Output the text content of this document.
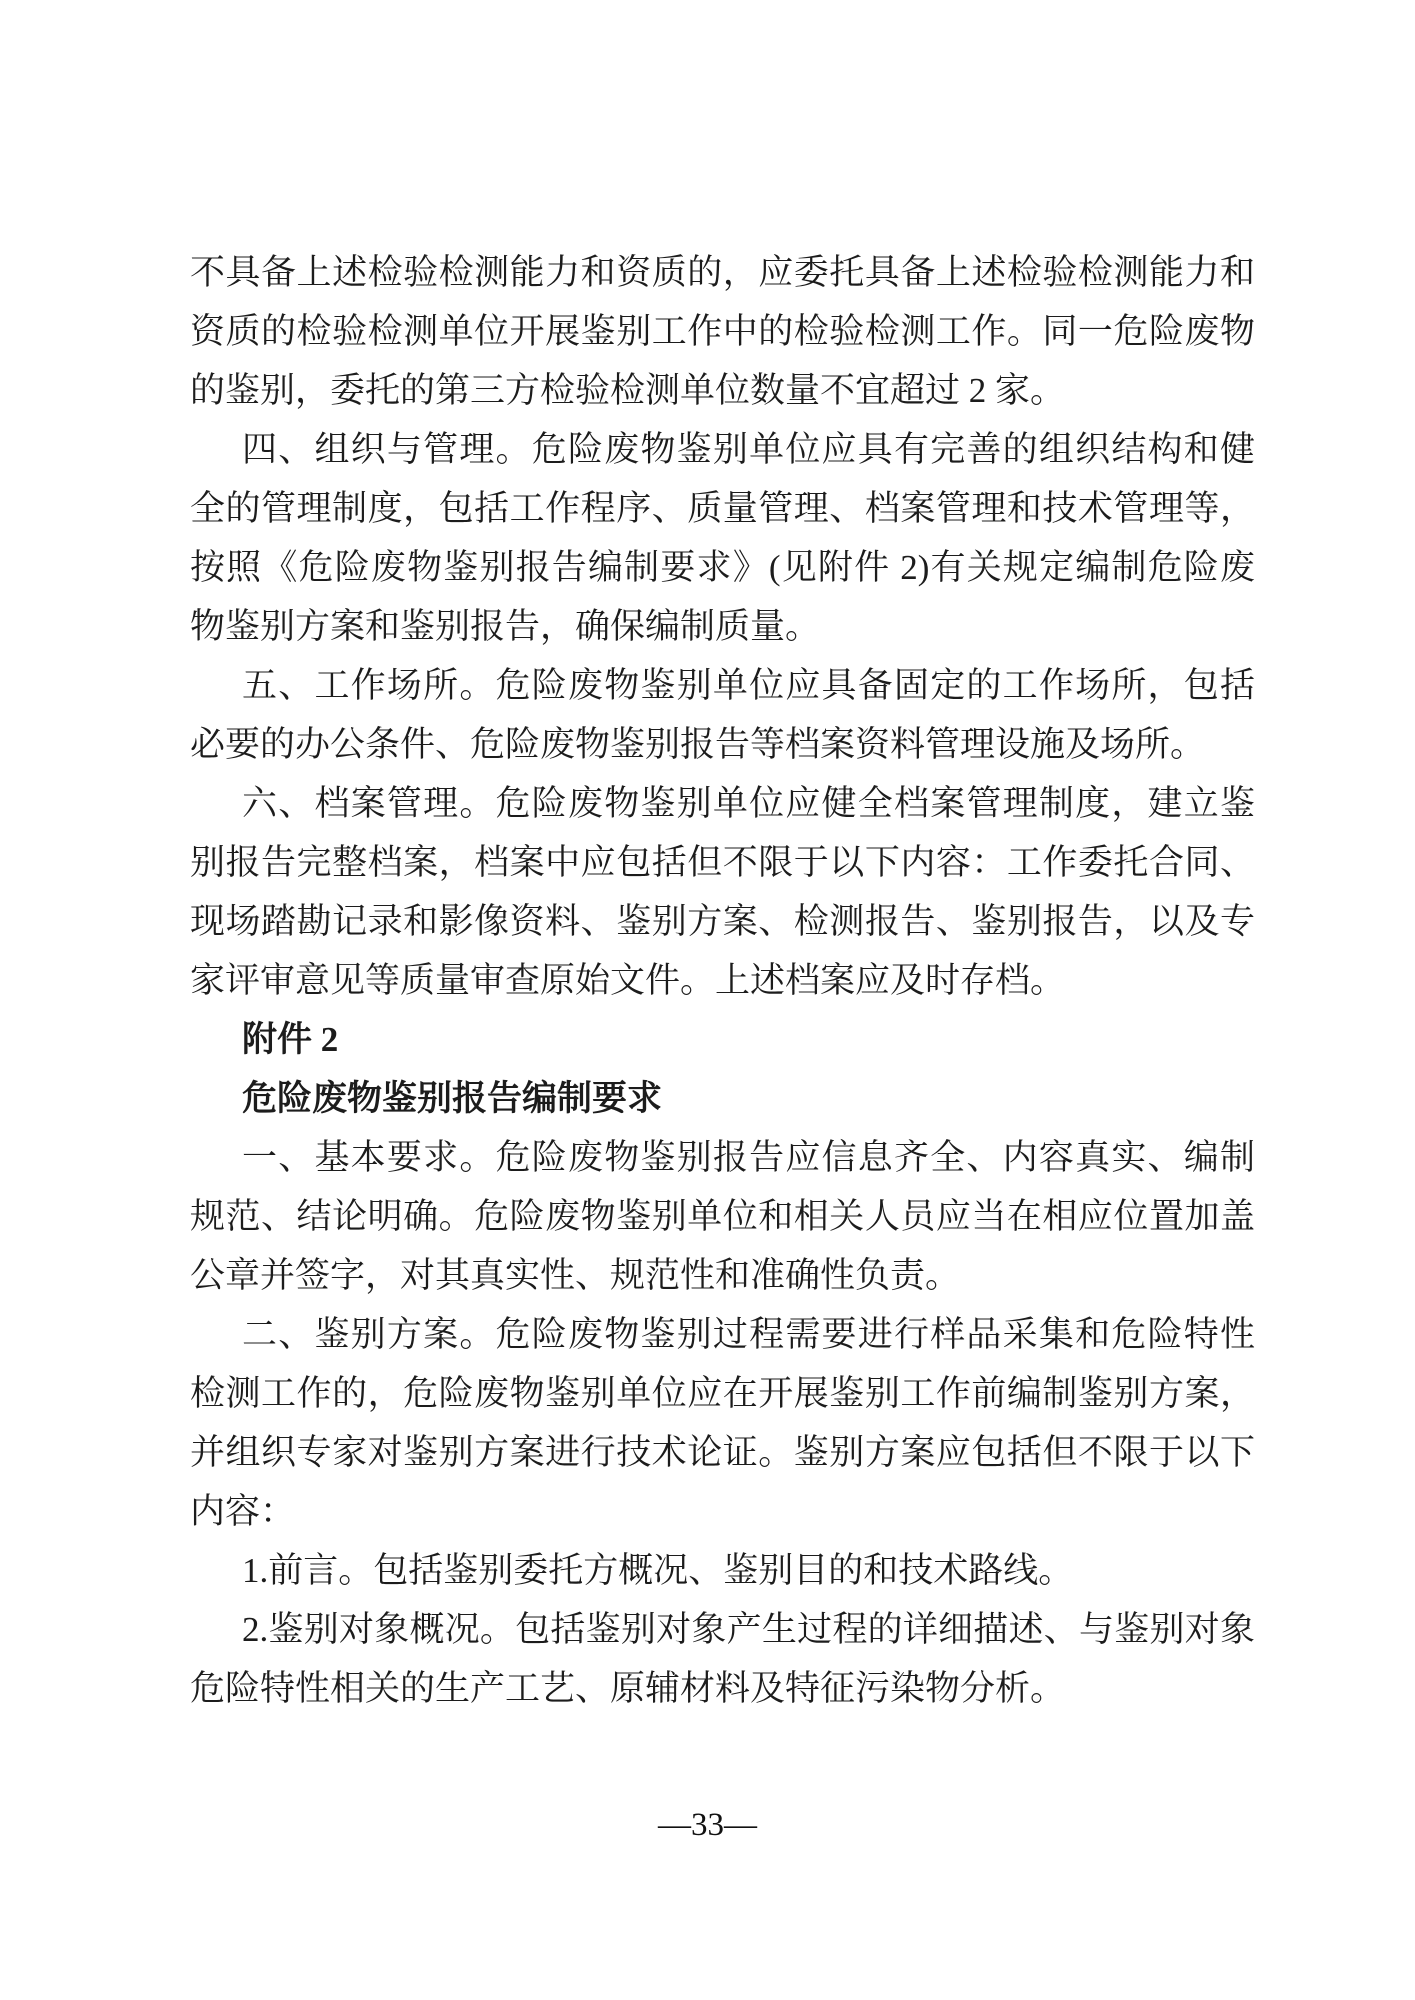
不具备上述检验检测能力和资质的，应委托具备上述检验检测能力和
资质的检验检测单位开展鉴别工作中的检验检测工作。同一危险废物
的鉴别，委托的第三方检验检测单位数量不宜超过 2 家。
四、组织与管理。危险废物鉴别单位应具有完善的组织结构和健
全的管理制度，包括工作程序、质量管理、档案管理和技术管理等，
按照《危险废物鉴别报告编制要求》(见附件 2)有关规定编制危险废
物鉴别方案和鉴别报告，确保编制质量。
五、工作场所。危险废物鉴别单位应具备固定的工作场所，包括
必要的办公条件、危险废物鉴别报告等档案资料管理设施及场所。
六、档案管理。危险废物鉴别单位应健全档案管理制度，建立鉴
别报告完整档案，档案中应包括但不限于以下内容：工作委托合同、
现场踏勘记录和影像资料、鉴别方案、检测报告、鉴别报告，以及专
家评审意见等质量审查原始文件。上述档案应及时存档。
附件 2
危险废物鉴别报告编制要求
一、基本要求。危险废物鉴别报告应信息齐全、内容真实、编制
规范、结论明确。危险废物鉴别单位和相关人员应当在相应位置加盖
公章并签字，对其真实性、规范性和准确性负责。
二、鉴别方案。危险废物鉴别过程需要进行样品采集和危险特性
检测工作的，危险废物鉴别单位应在开展鉴别工作前编制鉴别方案，
并组织专家对鉴别方案进行技术论证。鉴别方案应包括但不限于以下
内容：
1.前言。包括鉴别委托方概况、鉴别目的和技术路线。
2.鉴别对象概况。包括鉴别对象产生过程的详细描述、与鉴别对象
危险特性相关的生产工艺、原辅材料及特征污染物分析。
—33—
